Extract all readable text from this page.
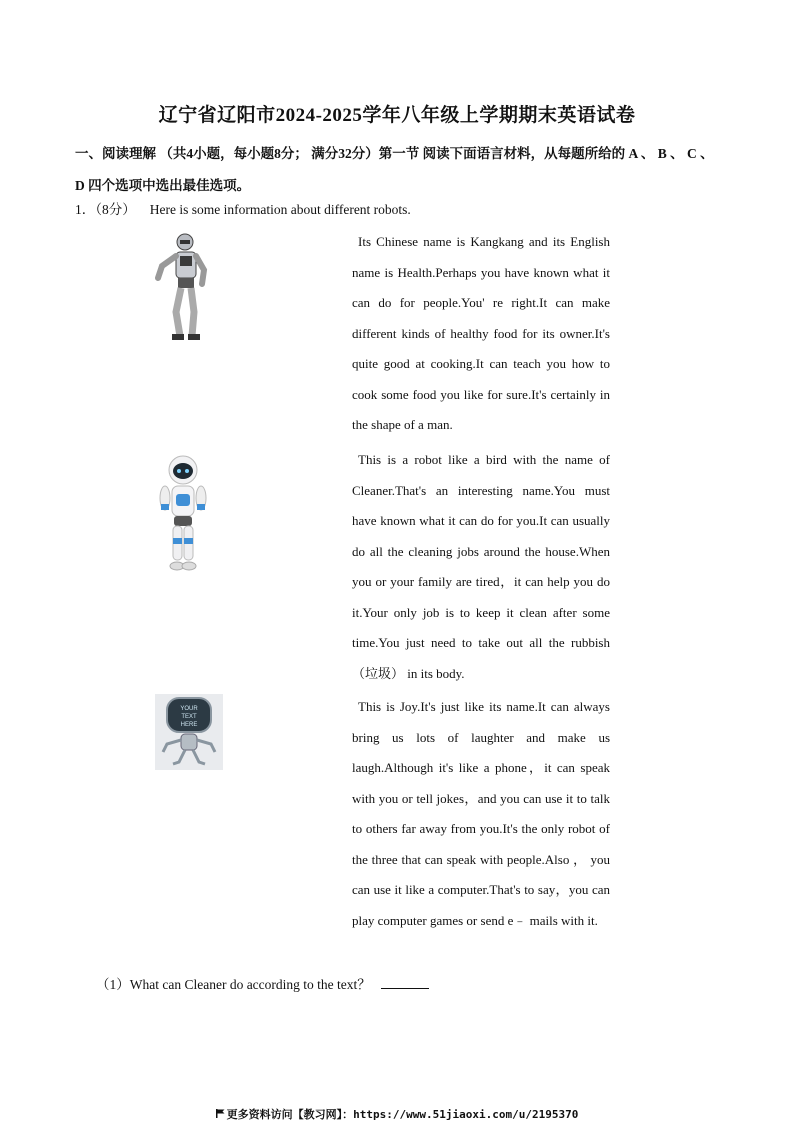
辽宁省辽阳市2024-2025学年八年级上学期期末英语试卷
一、阅读理解 （共4小题，每小题8分； 满分32分）第一节 阅读下面语言材料，从每题所给的 A 、 B 、 C 、 D 四个选项中选出最佳选项。
1．（8分） Here is some information about different robots.
Its Chinese name is Kangkang and its English name is Health.Perhaps you have known what it can do for people.You' re right.It can make different kinds of healthy food for its owner.It's quite good at cooking.It can teach you how to cook some food you like for sure.It's certainly in the shape of a man.
This is a robot like a bird with the name of Cleaner.That's an interesting name.You must have known what it can do for you.It can usually do all the cleaning jobs around the house.When you or your family are tired，it can help you do it.Your only job is to keep it clean after some time.You just need to take out all the rubbish （垃圾） in its body.
YOUR
TEXT
HERE
This is Joy.It's just like its name.It can always bring us lots of laughter and make us laugh.Although it's like a phone，it can speak with you or tell jokes，and you can use it to talk to others far away from you.It's the only robot of the three that can speak with people.Also ， you can use it like a computer.That's to say，you can play computer games or send e﹣ mails with it.
（1）What can Cleaner do according to the text？
更多资料访问【教习网】：https://www.51jiaoxi.com/u/2195370
